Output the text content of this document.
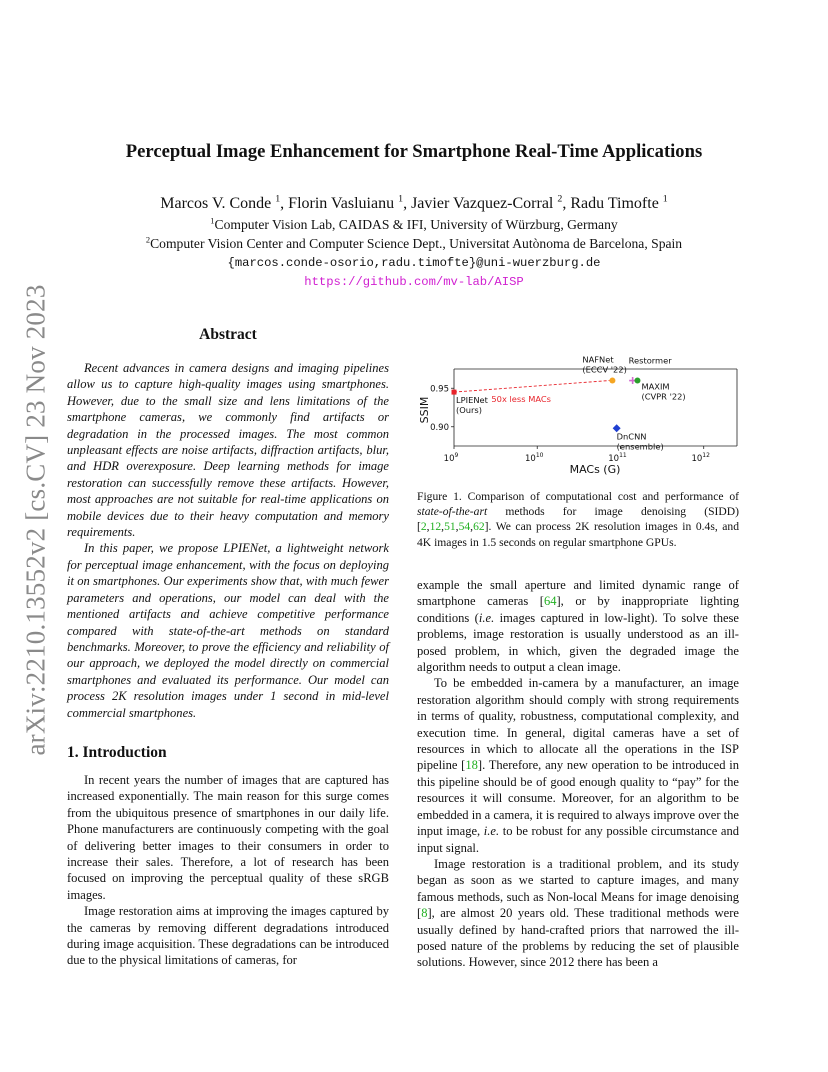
arXiv:2210.13552v2 [cs.CV] 23 Nov 2023
Perceptual Image Enhancement for Smartphone Real-Time Applications
Marcos V. Conde $^1$, Florin Vasluianu $^1$, Javier Vazquez-Corral $^2$, Radu Timofte $^1$
$^1$Computer Vision Lab, CAIDAS & IFI, University of Würzburg, Germany
$^2$Computer Vision Center and Computer Science Dept., Universitat Autònoma de Barcelona, Spain
{marcos.conde-osorio,radu.timofte}@uni-wuerzburg.de
https://github.com/mv-lab/AISP
Abstract

Recent advances in camera designs and imaging pipelines allow us to capture high-quality images using smartphones. However, due to the small size and lens limitations of the smartphone cameras, we commonly find artifacts or degradation in the processed images. The most common unpleasant effects are noise artifacts, diffraction artifacts, blur, and HDR overexposure. Deep learning methods for image restoration can successfully remove these artifacts. However, most approaches are not suitable for real-time applications on mobile devices due to their heavy computation and memory requirements.

In this paper, we propose LPIENet, a lightweight network for perceptual image enhancement, with the focus on deploying it on smartphones. Our experiments show that, with much fewer parameters and operations, our model can deal with the mentioned artifacts and achieve competitive performance compared with state-of-the-art methods on standard benchmarks. Moreover, to prove the efficiency and reliability of our approach, we deployed the model directly on commercial smartphones and evaluated its performance. Our model can process 2K resolution images under 1 second in mid-level commercial smartphones.

1. Introduction

In recent years the number of images that are captured has increased exponentially. The main reason for this surge comes from the ubiquitous presence of smartphones in our daily life. Phone manufacturers are continuously competing with the goal of delivering better images to their consumers in order to increase their sales. Therefore, a lot of research has been focused on improving the perceptual quality of these sRGB images.

Image restoration aims at improving the images captured by the cameras by removing different degradations introduced during image acquisition. These degradations can be introduced due to the physical limitations of cameras, for

SSIM
MACs (G)
$10^9$	$10^{10}$	$10^{11}$	$10^{12}$
0.90
0.95
50x less MACs
LPIENet
(Ours)
NAFNet
(ECCV '22)
Restormer
MAXIM
(CVPR '22)
DnCNN
(ensemble)
Figure 1. Comparison of computational cost and performance of state-of-the-art methods for image denoising (SIDD) [2,12,51,54,62]. We can process 2K resolution images in 0.4s, and 4K images in 1.5 seconds on regular smartphone GPUs.

example the small aperture and limited dynamic range of smartphone cameras [64], or by inappropriate lighting conditions (i.e. images captured in low-light). To solve these problems, image restoration is usually understood as an ill-posed problem, in which, given the degraded image the algorithm needs to output a clean image.

To be embedded in-camera by a manufacturer, an image restoration algorithm should comply with strong requirements in terms of quality, robustness, computational complexity, and execution time. In general, digital cameras have a set of resources in which to allocate all the operations in the ISP pipeline [18]. Therefore, any new operation to be introduced in this pipeline should be of good enough quality to “pay” for the resources it will consume. Moreover, for an algorithm to be embedded in a camera, it is required to always improve over the input image, i.e. to be robust for any possible circumstance and input signal.

Image restoration is a traditional problem, and its study began as soon as we started to capture images, and many famous methods, such as Non-local Means for image denoising [8], are almost 20 years old. These traditional methods were usually defined by hand-crafted priors that narrowed the ill-posed nature of the problems by reducing the set of plausible solutions. However, since 2012 there has been a
